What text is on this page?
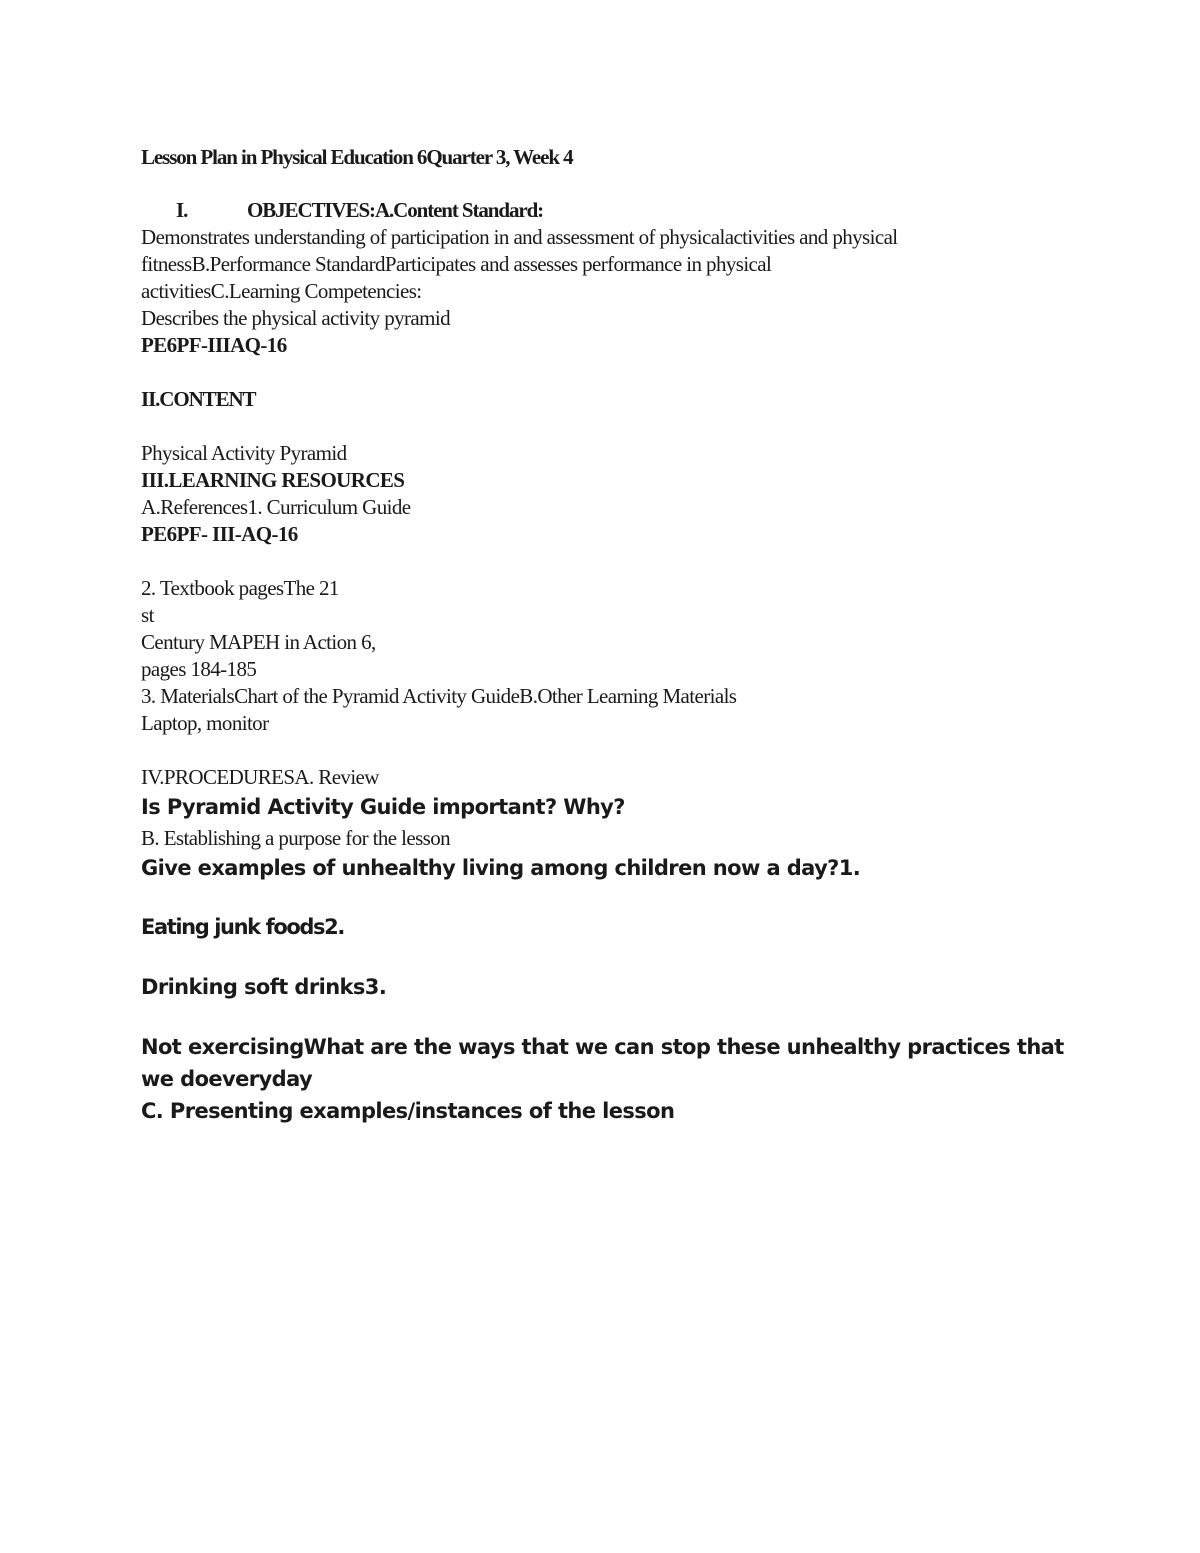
Lesson Plan in Physical Education 6Quarter 3, Week 4
I.	OBJECTIVES:A.Content Standard:
Demonstrates understanding of participation in and assessment of physicalactivities and physical
fitnessB.Performance StandardParticipates and assesses performance in physical
activitiesC.Learning Competencies:
Describes the physical activity pyramid
PE6PF-IIIAQ-16
II.CONTENT
Physical Activity Pyramid
III.LEARNING RESOURCES
A.References1. Curriculum Guide
PE6PF- III-AQ-16
2. Textbook pagesThe 21
st
Century MAPEH in Action 6,
pages 184-185
3. MaterialsChart of the Pyramid Activity GuideB.Other Learning Materials
Laptop, monitor
IV.PROCEDURESA. Review
Is Pyramid Activity Guide important? Why?
B. Establishing a purpose for the lesson
Give examples of unhealthy living among children now a day?1.
Eating junk foods2.
Drinking soft drinks3.
Not exercisingWhat are the ways that we can stop these unhealthy practices that
we doeveryday
C. Presenting examples/instances of the lesson
